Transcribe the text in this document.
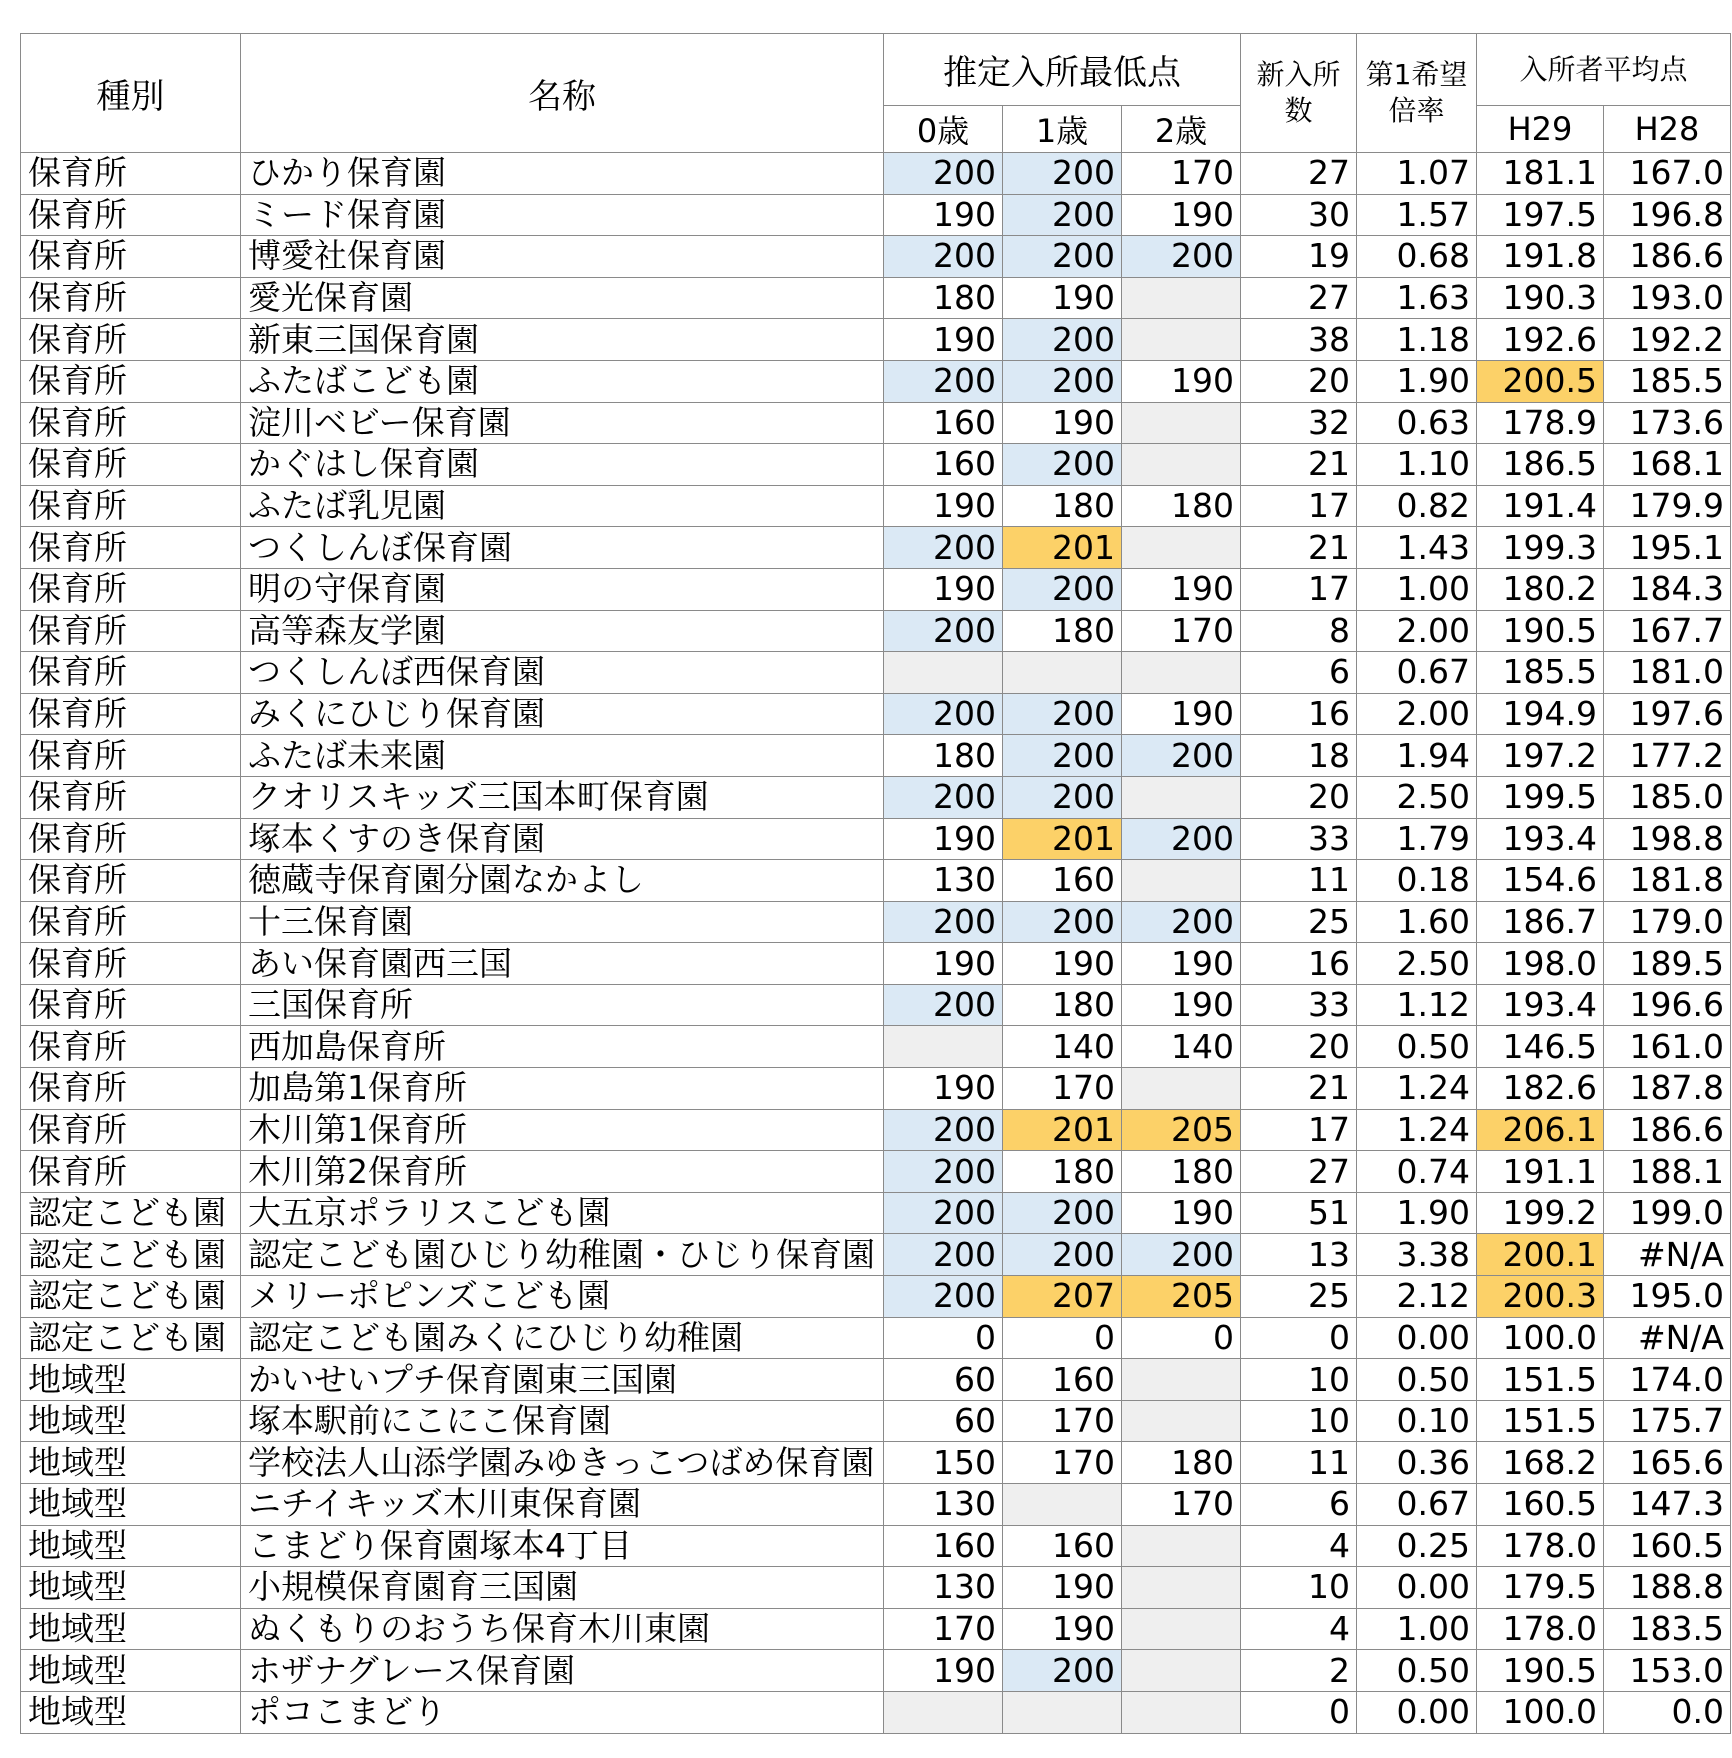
種別	名称	推定入所最低点			新入所数	第1希望倍率	入所者平均点	
		0歳	1歳	2歳			H29	H28
保育所	ひかり保育園	200	200	170	27	1.07	181.1	167.0
保育所	ミード保育園	190	200	190	30	1.57	197.5	196.8
保育所	博愛社保育園	200	200	200	19	0.68	191.8	186.6
保育所	愛光保育園	180	190		27	1.63	190.3	193.0
保育所	新東三国保育園	190	200		38	1.18	192.6	192.2
保育所	ふたばこども園	200	200	190	20	1.90	200.5	185.5
保育所	淀川ベビー保育園	160	190		32	0.63	178.9	173.6
保育所	かぐはし保育園	160	200		21	1.10	186.5	168.1
保育所	ふたば乳児園	190	180	180	17	0.82	191.4	179.9
保育所	つくしんぼ保育園	200	201		21	1.43	199.3	195.1
保育所	明の守保育園	190	200	190	17	1.00	180.2	184.3
保育所	高等森友学園	200	180	170	8	2.00	190.5	167.7
保育所	つくしんぼ西保育園				6	0.67	185.5	181.0
保育所	みくにひじり保育園	200	200	190	16	2.00	194.9	197.6
保育所	ふたば未来園	180	200	200	18	1.94	197.2	177.2
保育所	クオリスキッズ三国本町保育園	200	200		20	2.50	199.5	185.0
保育所	塚本くすのき保育園	190	201	200	33	1.79	193.4	198.8
保育所	徳蔵寺保育園分園なかよし	130	160		11	0.18	154.6	181.8
保育所	十三保育園	200	200	200	25	1.60	186.7	179.0
保育所	あい保育園西三国	190	190	190	16	2.50	198.0	189.5
保育所	三国保育所	200	180	190	33	1.12	193.4	196.6
保育所	西加島保育所		140	140	20	0.50	146.5	161.0
保育所	加島第1保育所	190	170		21	1.24	182.6	187.8
保育所	木川第1保育所	200	201	205	17	1.24	206.1	186.6
保育所	木川第2保育所	200	180	180	27	0.74	191.1	188.1
認定こども園	大五京ポラリスこども園	200	200	190	51	1.90	199.2	199.0
認定こども園	認定こども園ひじり幼稚園・ひじり保育園	200	200	200	13	3.38	200.1	#N/A
認定こども園	メリーポピンズこども園	200	207	205	25	2.12	200.3	195.0
認定こども園	認定こども園みくにひじり幼稚園	0	0	0	0	0.00	100.0	#N/A
地域型	かいせいプチ保育園東三国園	60	160		10	0.50	151.5	174.0
地域型	塚本駅前にこにこ保育園	60	170		10	0.10	151.5	175.7
地域型	学校法人山添学園みゆきっこつばめ保育園	150	170	180	11	0.36	168.2	165.6
地域型	ニチイキッズ木川東保育園	130		170	6	0.67	160.5	147.3
地域型	こまどり保育園塚本4丁目	160	160		4	0.25	178.0	160.5
地域型	小規模保育園育三国園	130	190		10	0.00	179.5	188.8
地域型	ぬくもりのおうち保育木川東園	170	190		4	1.00	178.0	183.5
地域型	ホザナグレース保育園	190	200		2	0.50	190.5	153.0
地域型	ポコこまどり				0	0.00	100.0	0.0
